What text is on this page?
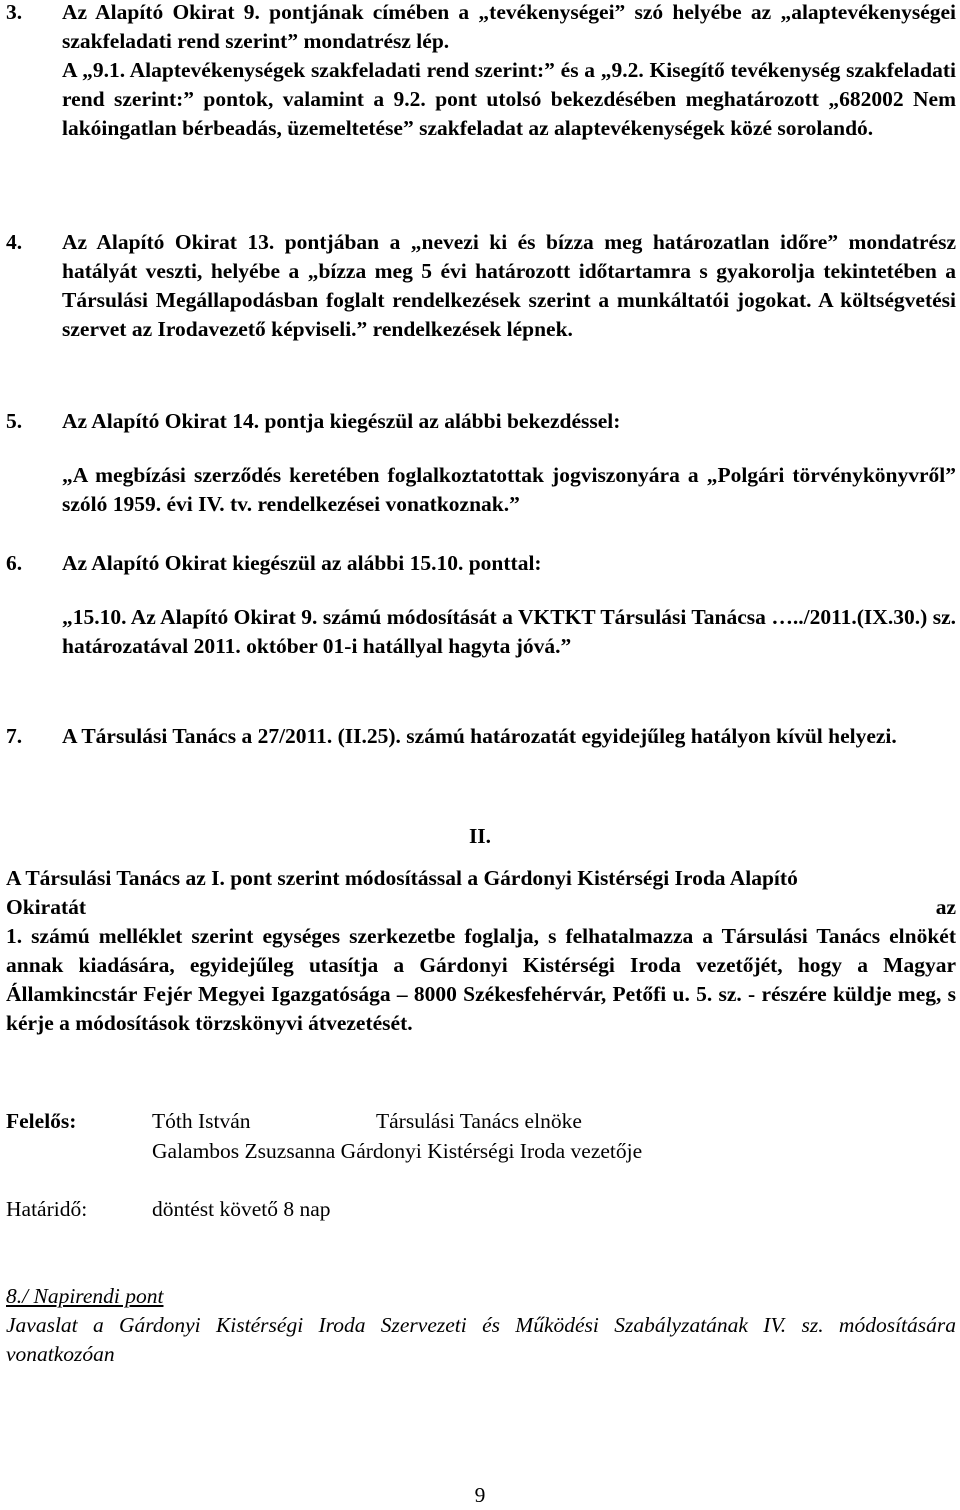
3. Az Alapító Okirat 9. pontjának címében a „tevékenységei” szó helyébe az „alaptevékenységei szakfeladati rend szerint” mondatrész lép.

A „9.1. Alaptevékenységek szakfeladati rend szerint:” és a „9.2. Kisegítő tevékenység szakfeladati rend szerint:” pontok, valamint a 9.2. pont utolsó bekezdésében meghatározott „682002 Nem lakóingatlan bérbeadás, üzemeltetése” szakfeladat az alaptevékenységek közé sorolandó.

4. Az Alapító Okirat 13. pontjában a „nevezi ki és bízza meg határozatlan időre” mondatrész hatályát veszti, helyébe a „bízza meg 5 évi határozott időtartamra s gyakorolja tekintetében a Társulási Megállapodásban foglalt rendelkezések szerint a munkáltatói jogokat. A költségvetési szervet az Irodavezető képviseli.” rendelkezések lépnek.

5. Az Alapító Okirat 14. pontja kiegészül az alábbi bekezdéssel:

„A megbízási szerződés keretében foglalkoztatottak jogviszonyára a „Polgári törvénykönyvről” szóló 1959. évi IV. tv. rendelkezései vonatkoznak.”

6. Az Alapító Okirat kiegészül az alábbi 15.10. ponttal:

„15.10. Az Alapító Okirat 9. számú módosítását a VKTKT Társulási Tanácsa …../2011.(IX.30.) sz. határozatával 2011. október 01-i hatállyal hagyta jóvá.”

7. A Társulási Tanács a 27/2011. (II.25). számú határozatát egyidejűleg hatályon kívül helyezi.

II.
A Társulási Tanács az I. pont szerint módosítással a Gárdonyi Kistérségi Iroda Alapító
Okiratát	az
1. számú melléklet szerint egységes szerkezetbe foglalja, s felhatalmazza a Társulási Tanács elnökét annak kiadására, egyidejűleg utasítja a Gárdonyi Kistérségi Iroda vezetőjét, hogy a Magyar Államkincstár Fejér Megyei Igazgatósága – 8000 Székesfehérvár, Petőfi u. 5. sz. - részére küldje meg, s kérje a módosítások törzskönyvi átvezetését.
Felelős:	Tóth István	Társulási Tanács elnöke
Galambos Zsuzsanna Gárdonyi Kistérségi Iroda vezetője
Határidő:	döntést követő 8 nap
8./ Napirendi pont
Javaslat a Gárdonyi Kistérségi Iroda Szervezeti és Működési Szabályzatának IV. sz. módosítására vonatkozóan
9
